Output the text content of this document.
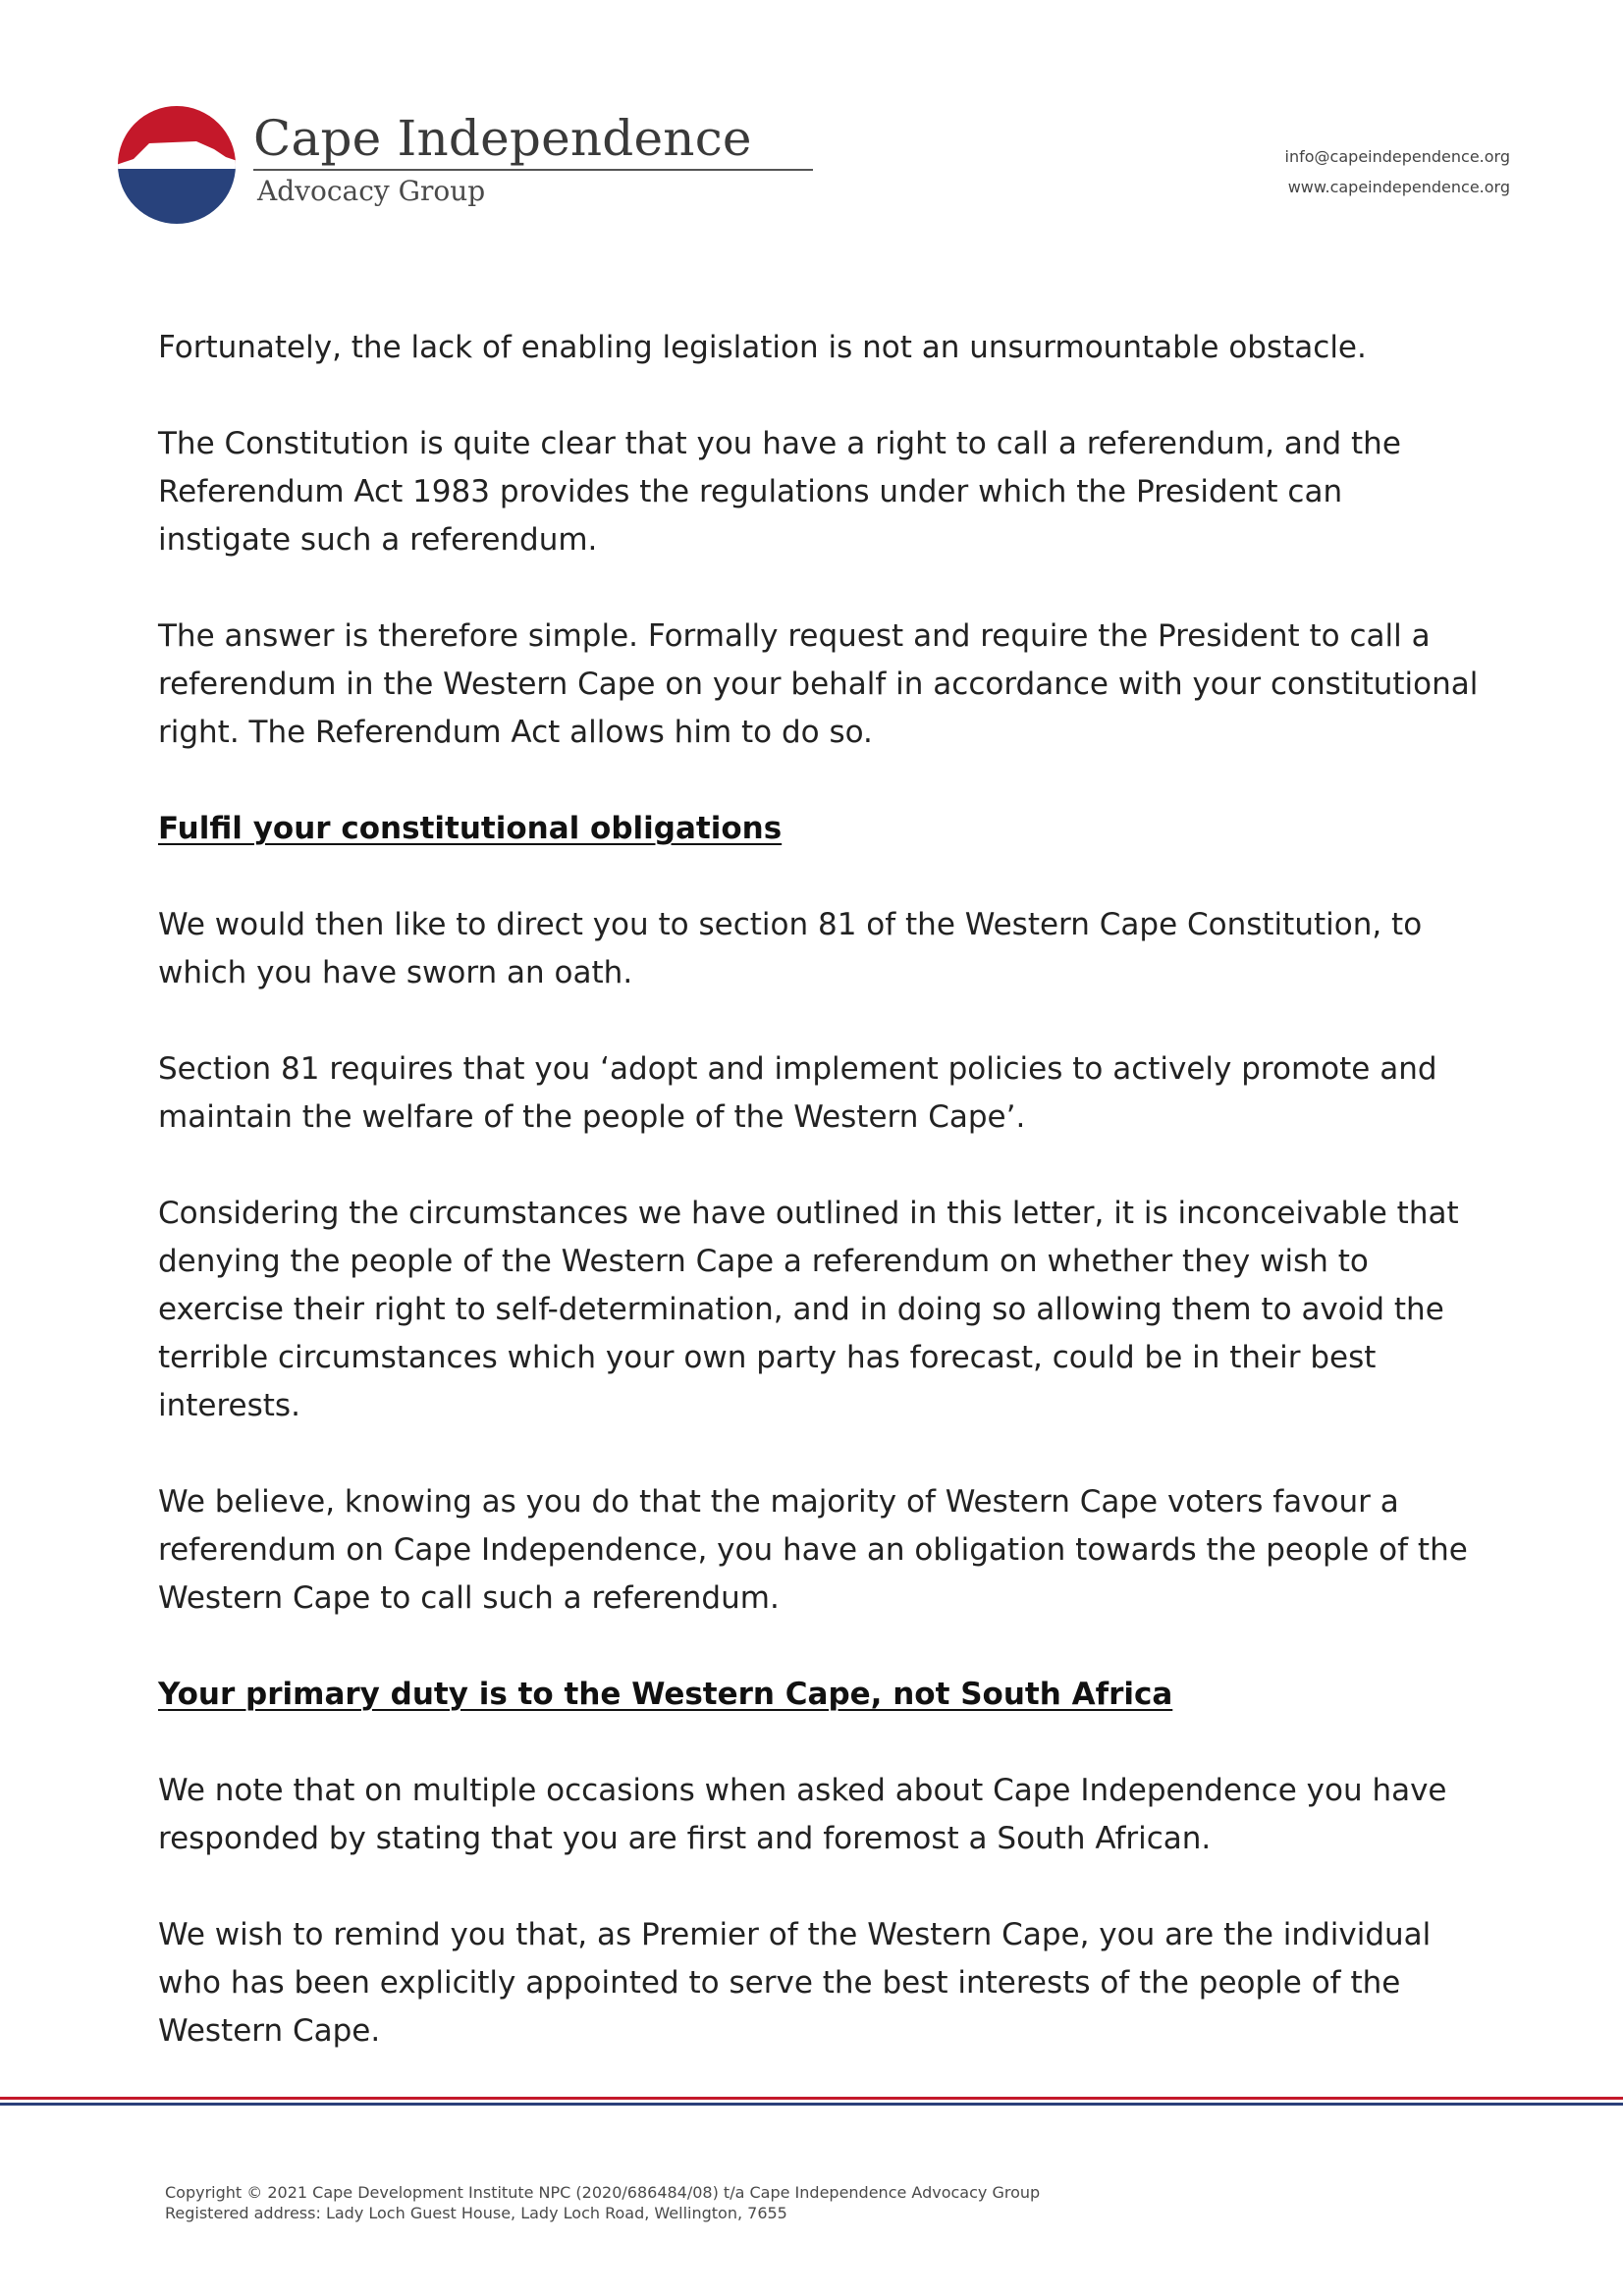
Cape Independence
Advocacy Group
info@capeindependence.org
www.capeindependence.org

Fortunately, the lack of enabling legislation is not an unsurmountable obstacle.

The Constitution is quite clear that you have a right to call a referendum, and the Referendum Act 1983 provides the regulations under which the President can instigate such a referendum.

The answer is therefore simple. Formally request and require the President to call a referendum in the Western Cape on your behalf in accordance with your constitutional right. The Referendum Act allows him to do so.

Fulfil your constitutional obligations

We would then like to direct you to section 81 of the Western Cape Constitution, to which you have sworn an oath.

Section 81 requires that you ‘adopt and implement policies to actively promote and maintain the welfare of the people of the Western Cape’.

Considering the circumstances we have outlined in this letter, it is inconceivable that denying the people of the Western Cape a referendum on whether they wish to exercise their right to self-determination, and in doing so allowing them to avoid the terrible circumstances which your own party has forecast, could be in their best interests.

We believe, knowing as you do that the majority of Western Cape voters favour a referendum on Cape Independence, you have an obligation towards the people of the Western Cape to call such a referendum.

Your primary duty is to the Western Cape, not South Africa

We note that on multiple occasions when asked about Cape Independence you have responded by stating that you are first and foremost a South African.

We wish to remind you that, as Premier of the Western Cape, you are the individual who has been explicitly appointed to serve the best interests of the people of the Western Cape.

Copyright © 2021 Cape Development Institute NPC (2020/686484/08) t/a Cape Independence Advocacy Group
Registered address: Lady Loch Guest House, Lady Loch Road, Wellington, 7655
